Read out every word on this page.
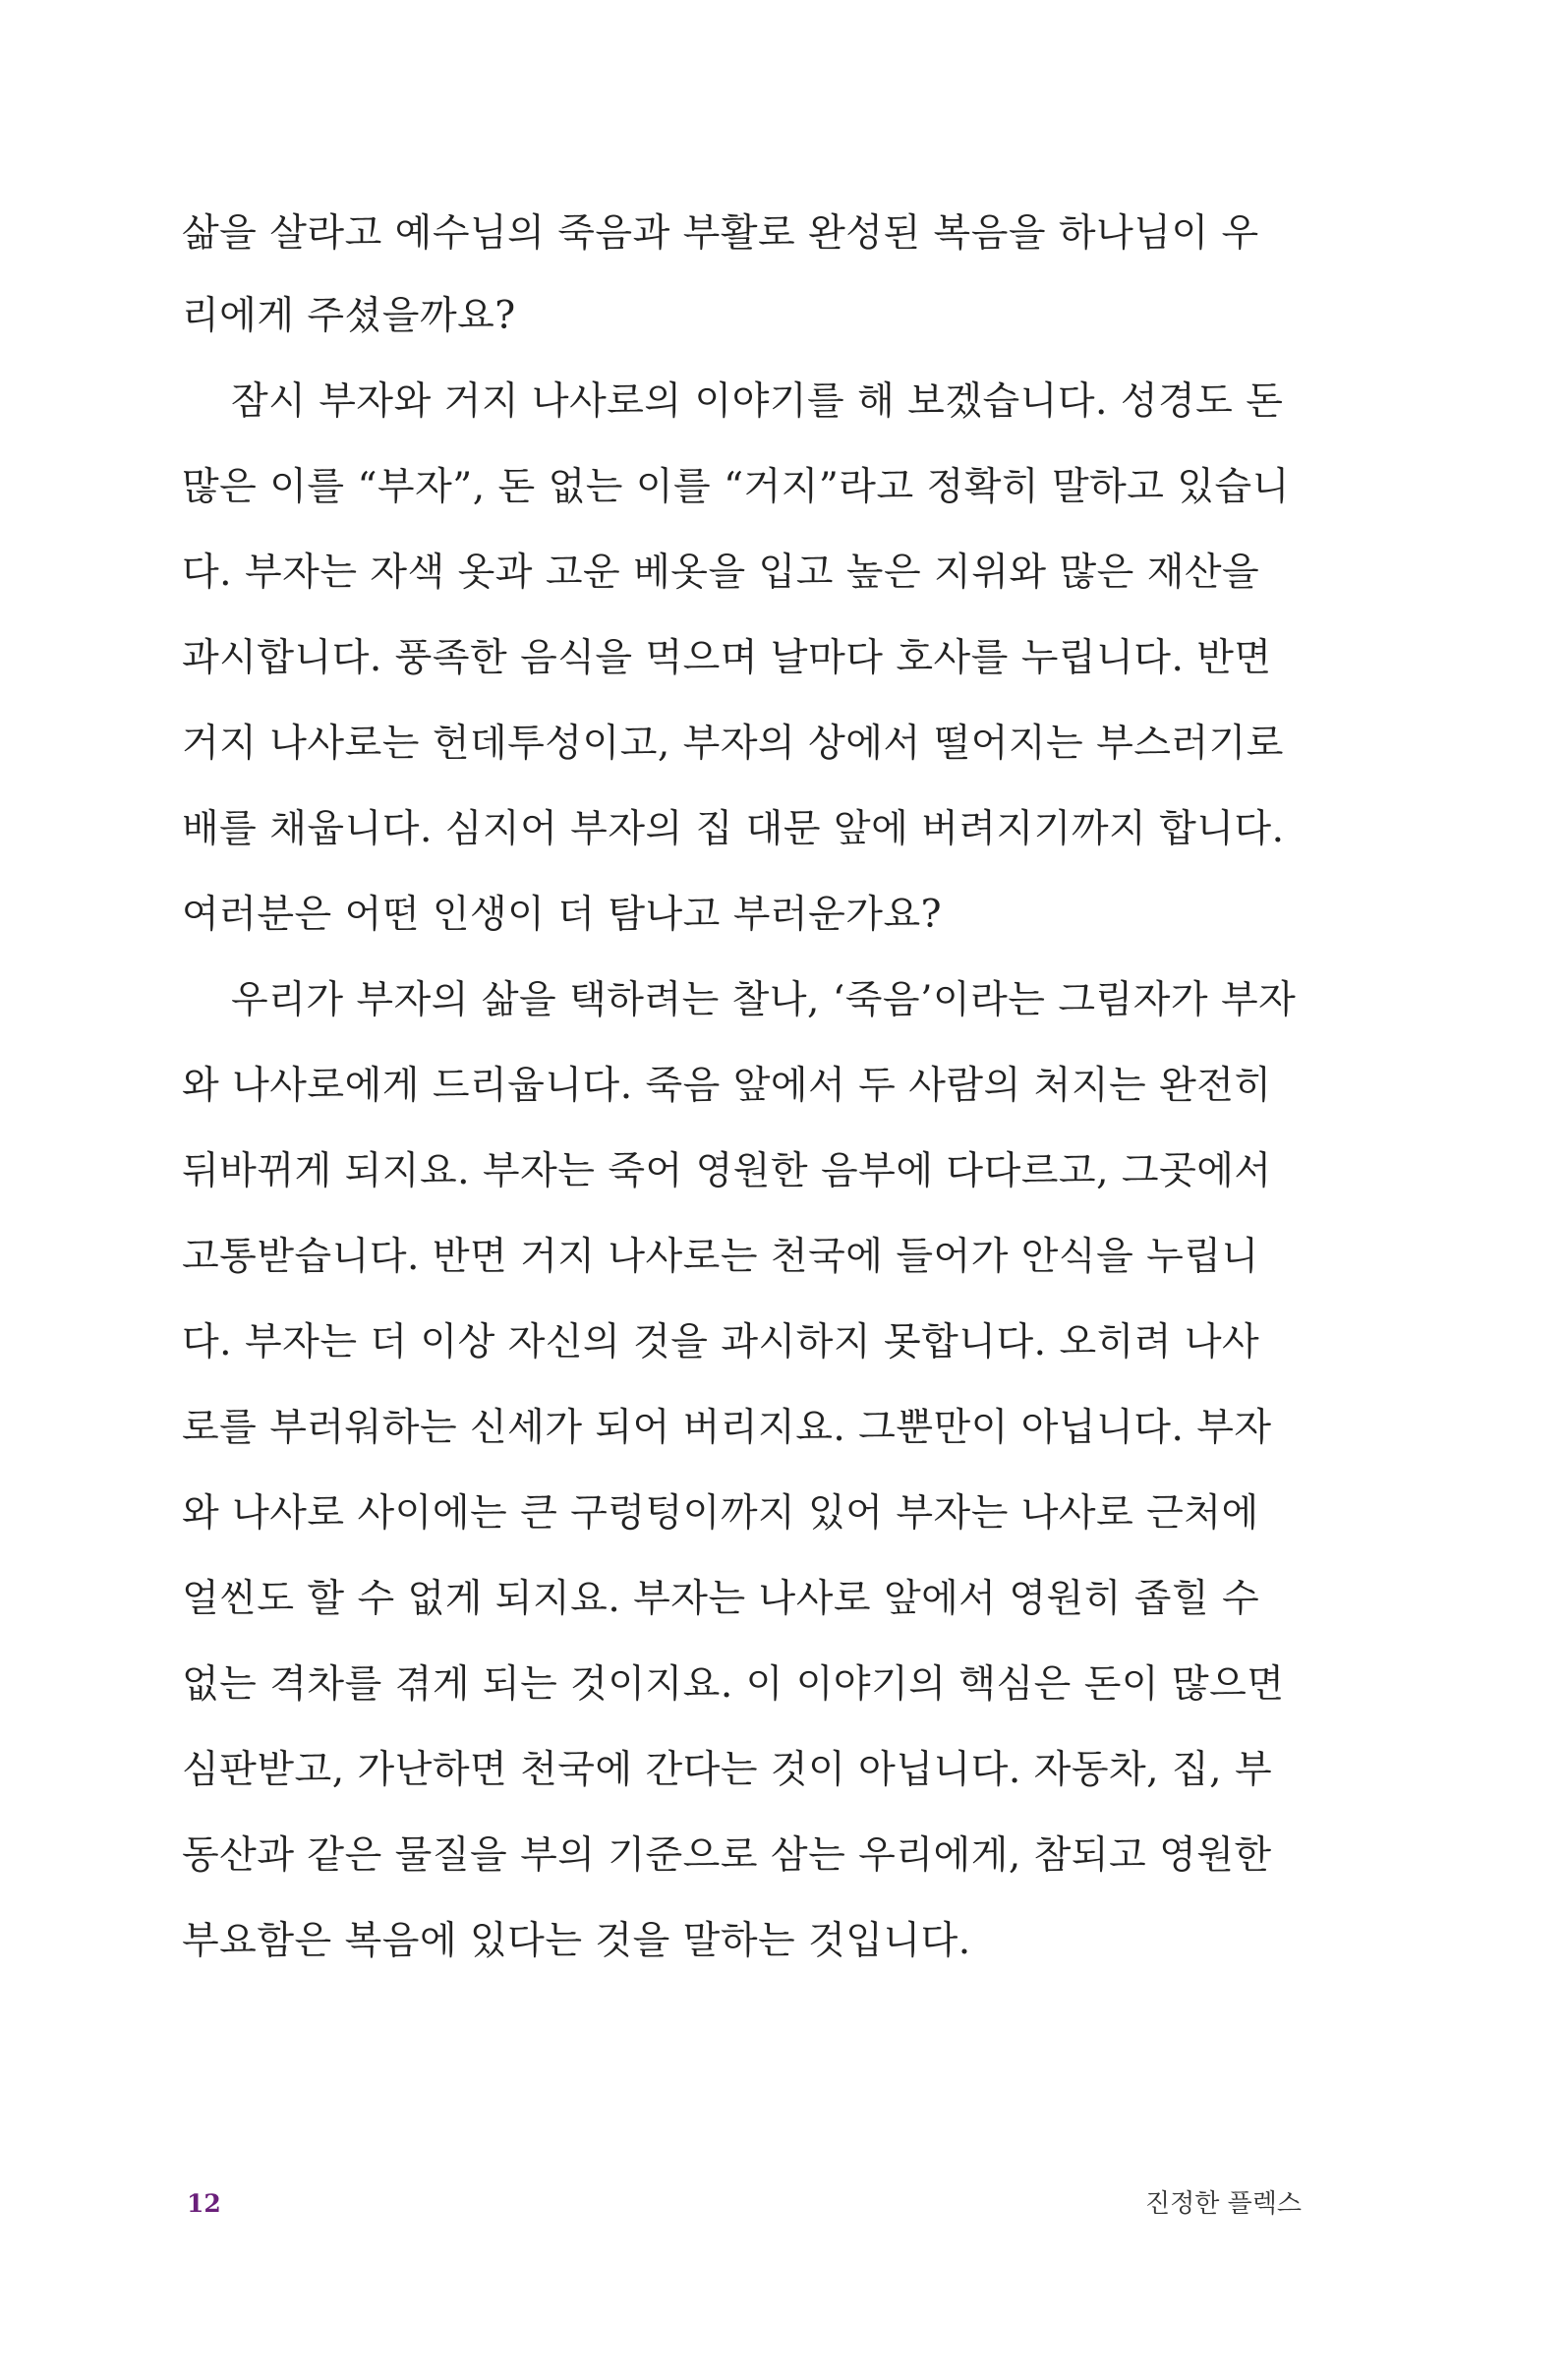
삶을 살라고 예수님의 죽음과 부활로 완성된 복음을 하나님이 우
리에게 주셨을까요?
잠시 부자와 거지 나사로의 이야기를 해 보겠습니다. 성경도 돈
많은 이를 “부자”, 돈 없는 이를 “거지”라고 정확히 말하고 있습니
다. 부자는 자색 옷과 고운 베옷을 입고 높은 지위와 많은 재산을
과시합니다. 풍족한 음식을 먹으며 날마다 호사를 누립니다. 반면
거지 나사로는 헌데투성이고, 부자의 상에서 떨어지는 부스러기로
배를 채웁니다. 심지어 부자의 집 대문 앞에 버려지기까지 합니다.
여러분은 어떤 인생이 더 탐나고 부러운가요?
우리가 부자의 삶을 택하려는 찰나, ‘죽음’이라는 그림자가 부자
와 나사로에게 드리웁니다. 죽음 앞에서 두 사람의 처지는 완전히
뒤바뀌게 되지요. 부자는 죽어 영원한 음부에 다다르고, 그곳에서
고통받습니다. 반면 거지 나사로는 천국에 들어가 안식을 누립니
다. 부자는 더 이상 자신의 것을 과시하지 못합니다. 오히려 나사
로를 부러워하는 신세가 되어 버리지요. 그뿐만이 아닙니다. 부자
와 나사로 사이에는 큰 구렁텅이까지 있어 부자는 나사로 근처에
얼씬도 할 수 없게 되지요. 부자는 나사로 앞에서 영원히 좁힐 수
없는 격차를 겪게 되는 것이지요. 이 이야기의 핵심은 돈이 많으면
심판받고, 가난하면 천국에 간다는 것이 아닙니다. 자동차, 집, 부
동산과 같은 물질을 부의 기준으로 삼는 우리에게, 참되고 영원한
부요함은 복음에 있다는 것을 말하는 것입니다.
12	진정한 플렉스
